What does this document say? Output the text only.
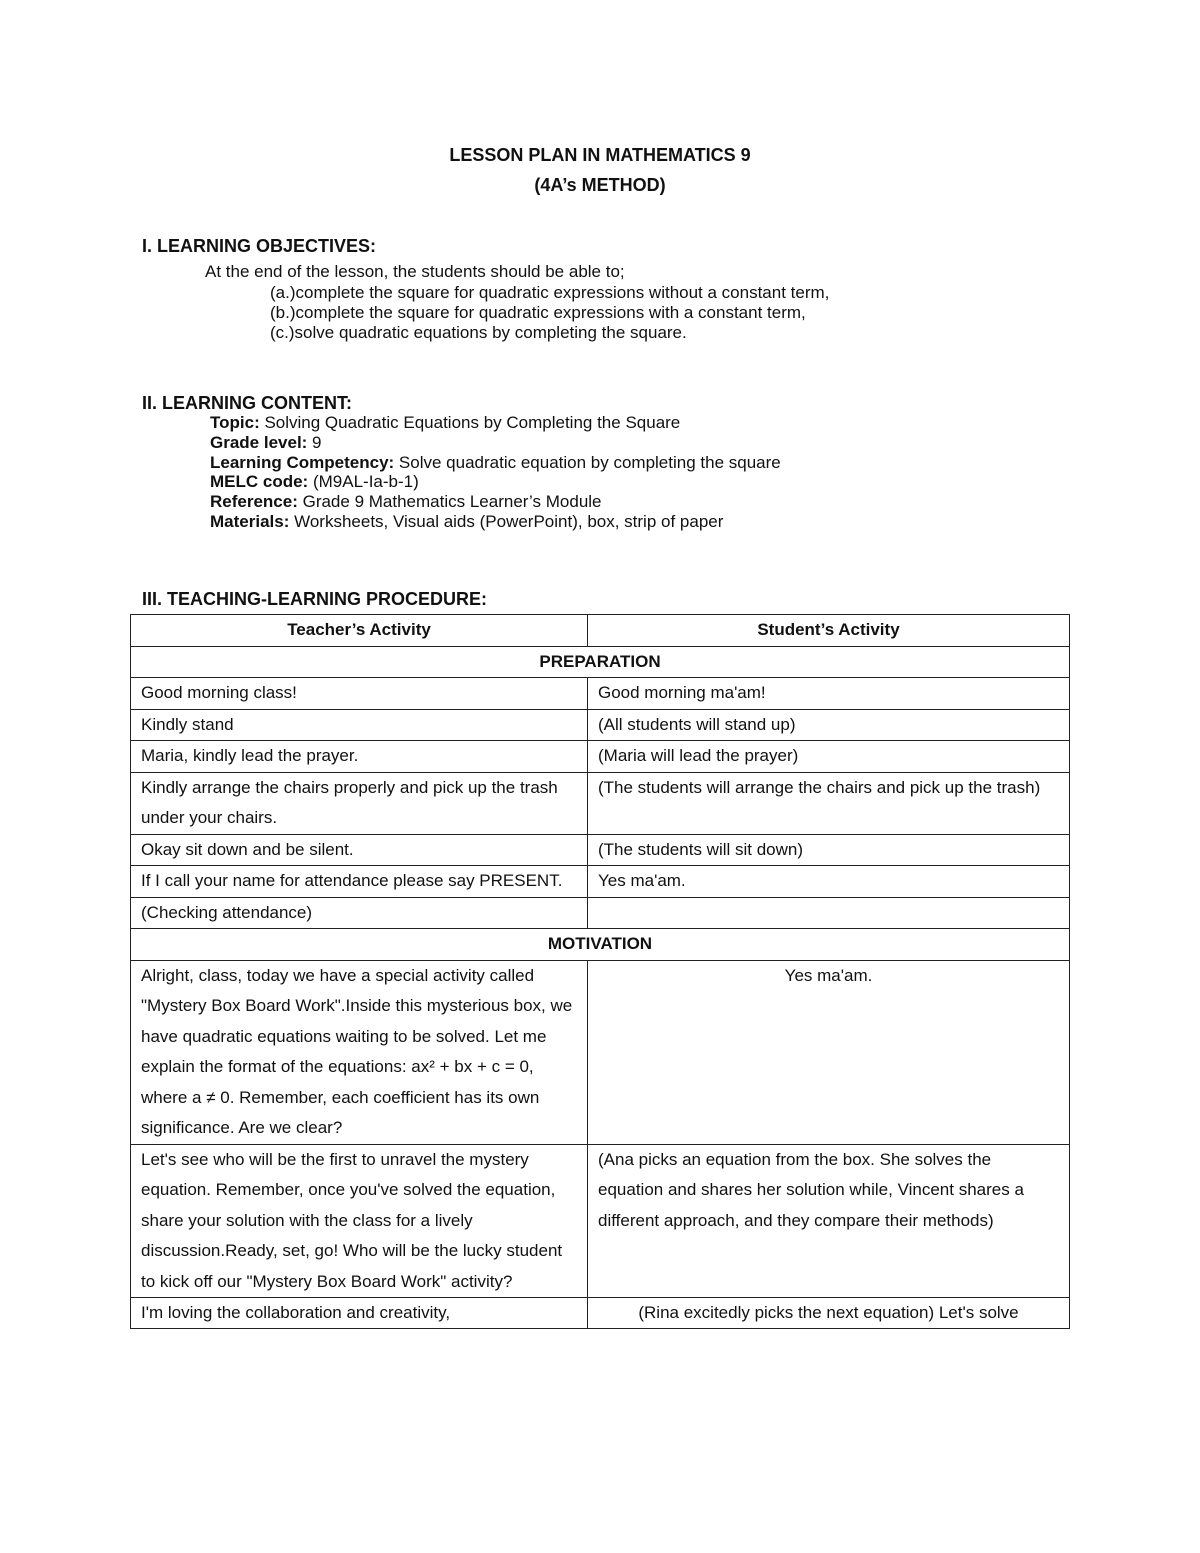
LESSON PLAN IN MATHEMATICS 9
(4A’s METHOD)
I. LEARNING OBJECTIVES:
At the end of the lesson, the students should be able to;
(a.)complete the square for quadratic expressions without a constant term,
(b.)complete the square for quadratic expressions with a constant term,
(c.)solve quadratic equations by completing the square.
II. LEARNING CONTENT:
Topic: Solving Quadratic Equations by Completing the Square
Grade level: 9
Learning Competency: Solve quadratic equation by completing the square
MELC code: (M9AL-Ia-b-1)
Reference: Grade 9 Mathematics Learner’s Module
Materials: Worksheets, Visual aids (PowerPoint), box, strip of paper
III. TEACHING-LEARNING PROCEDURE:
Teacher’s Activity	Student’s Activity
PREPARATION	
Good morning class!	Good morning ma'am!
Kindly stand	(All students will stand up)
Maria, kindly lead the prayer.	(Maria will lead the prayer)
Kindly arrange the chairs properly and pick up the trash under your chairs.	(The students will arrange the chairs and pick up the trash)
Okay sit down and be silent.	(The students will sit down)
If I call your name for attendance please say PRESENT.	Yes ma'am.
(Checking attendance)	
MOTIVATION	
Alright, class, today we have a special activity called "Mystery Box Board Work".Inside this mysterious box, we have quadratic equations waiting to be solved. Let me explain the format of the equations: ax² + bx + c = 0, where a ≠ 0. Remember, each coefficient has its own significance. Are we clear?	Yes ma'am.
Let's see who will be the first to unravel the mystery equation. Remember, once you've solved the equation, share your solution with the class for a lively discussion.Ready, set, go! Who will be the lucky student to kick off our "Mystery Box Board Work" activity?	(Ana picks an equation from the box. She solves the equation and shares her solution while, Vincent shares a different approach, and they compare their methods)

I'm loving the collaboration and creativity,	(Rina excitedly picks the next equation) Let's solve
